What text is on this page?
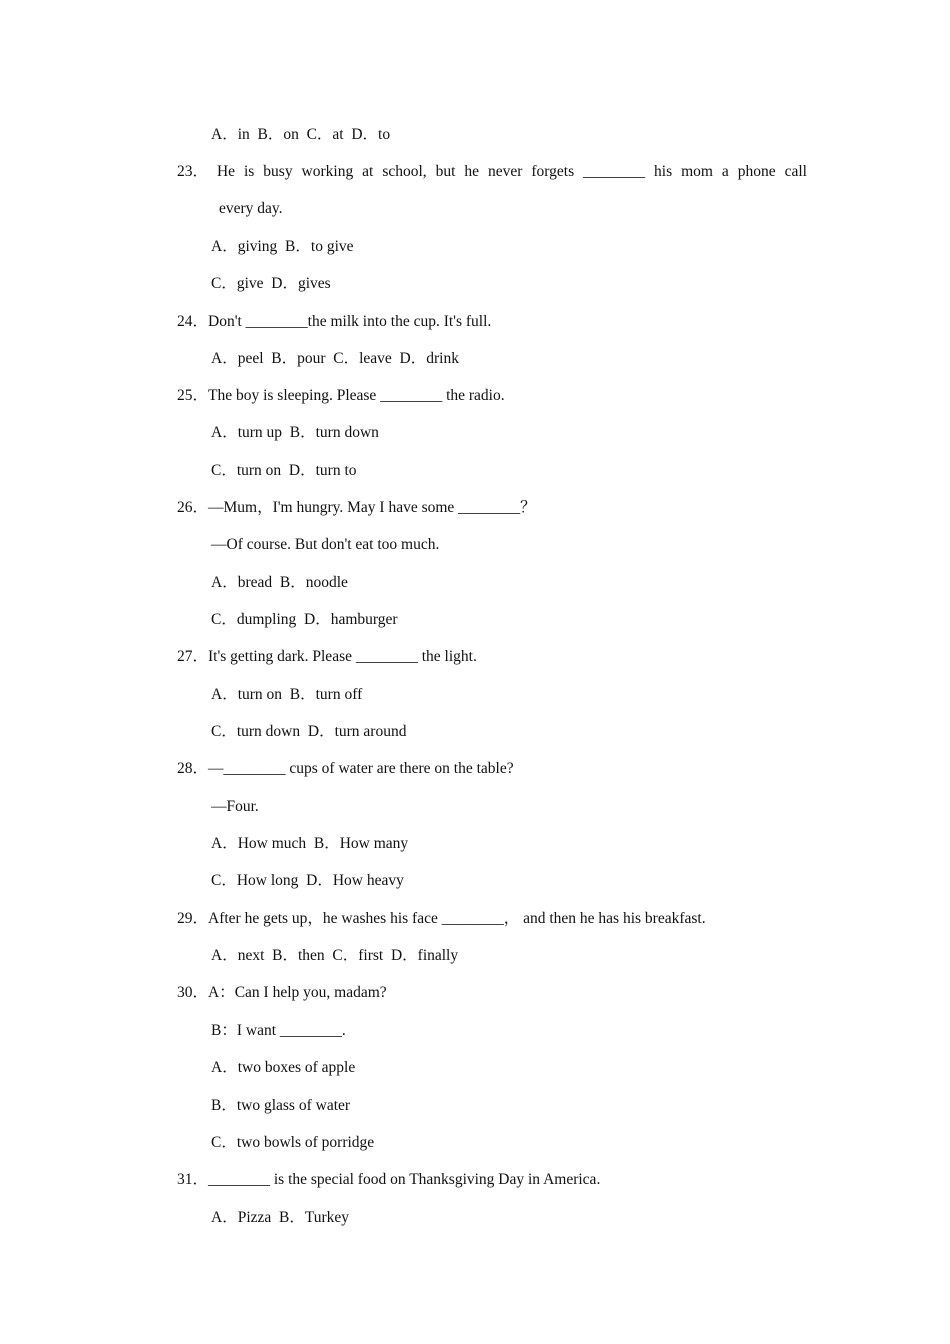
A．in  B．on  C．at  D．to
23． He is busy working at school, but he never forgets ________ his mom a phone call
every day.
A．giving  B．to give
C．give  D．gives
24．Don't ________the milk into the cup. It's full.
A．peel  B．pour  C．leave  D．drink
25．The boy is sleeping. Please ________ the radio.
A．turn up  B．turn down
C．turn on  D．turn to
26．—Mum，I'm hungry. May I have some ________？
—Of course. But don't eat too much.
A．bread  B．noodle
C．dumpling  D．hamburger
27．It's getting dark. Please ________ the light.
A．turn on  B．turn off
C．turn down  D．turn around
28．—________ cups of water are there on the table?
—Four.
A．How much  B．How many
C．How long  D．How heavy
29．After he gets up，he washes his face ________， and then he has his breakfast.
A．next  B．then  C．first  D．finally
30．A：Can I help you, madam?
B：I want ________.
A．two boxes of apple
B．two glass of water
C．two bowls of porridge
31．________ is the special food on Thanksgiving Day in America.
A．Pizza  B．Turkey
